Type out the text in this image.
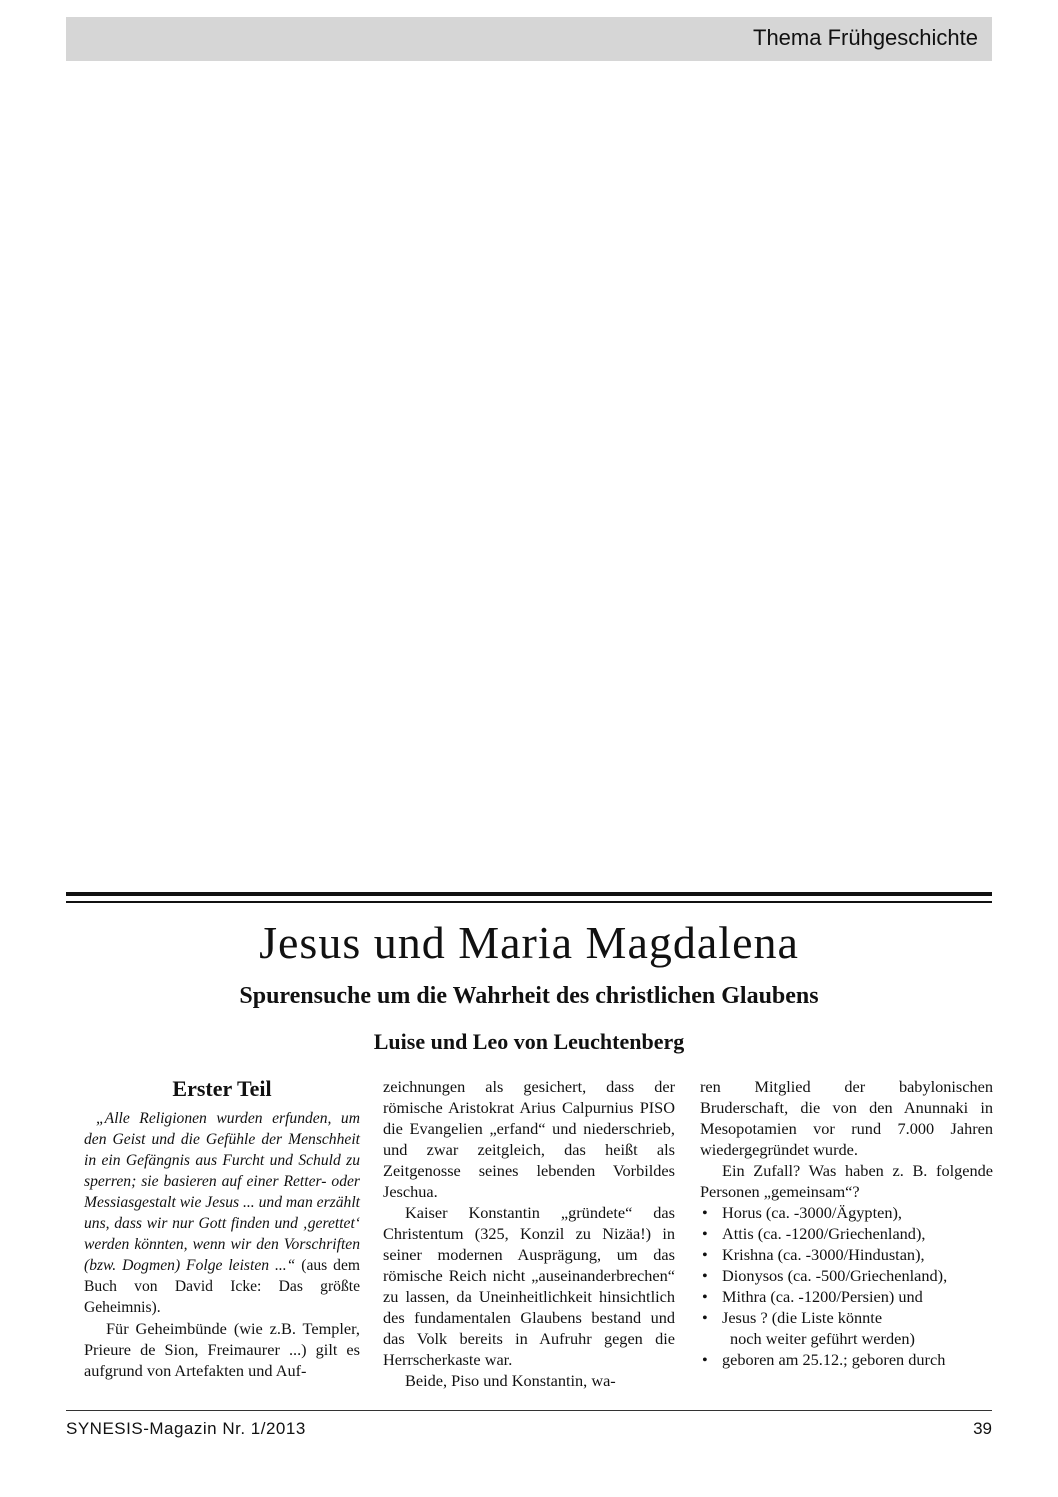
Thema Frühgeschichte
Jesus und Maria Magdalena
Spurensuche um die Wahrheit des christlichen Glaubens
Luise und Leo von Leuchtenberg
Erster Teil

„Alle Religionen wurden erfunden, um den Geist und die Gefühle der Menschheit in ein Gefängnis aus Furcht und Schuld zu sperren; sie basieren auf einer Retter- oder Messiasgestalt wie Jesus ... und man erzählt uns, dass wir nur Gott finden und ‚gerettet‘ werden könnten, wenn wir den Vorschriften (bzw. Dogmen) Folge leisten ...“ (aus dem Buch von David Icke: Das größte Geheimnis).

Für Geheimbünde (wie z.B. Templer, Prieure de Sion, Freimaurer ...) gilt es aufgrund von Artefakten und Auf-

zeichnungen als gesichert, dass der römische Aristokrat Arius Calpurnius PISO die Evangelien „erfand“ und niederschrieb, und zwar zeitgleich, das heißt als Zeitgenosse seines lebenden Vorbildes Jeschua.

Kaiser Konstantin „gründete“ das Christentum (325, Konzil zu Nizäa!) in seiner modernen Ausprägung, um das römische Reich nicht „auseinanderbrechen“ zu lassen, da Uneinheitlichkeit hinsichtlich des fundamentalen Glaubens bestand und das Volk bereits in Aufruhr gegen die Herrscherkaste war.

Beide, Piso und Konstantin, wa-

ren Mitglied der babylonischen Bruderschaft, die von den Anunnaki in Mesopotamien vor rund 7.000 Jahren wiedergegründet wurde.

Ein Zufall? Was haben z. B. folgende Personen „gemeinsam“?

• Horus (ca. -3000/Ägypten),
• Attis (ca. -1200/Griechenland),
• Krishna (ca. -3000/Hindustan),
• Dionysos (ca. -500/Griechenland),
• Mithra (ca. -1200/Persien) und
• Jesus ? (die Liste könnte
noch weiter geführt werden)
• geboren am 25.12.; geboren durch
SYNESIS-Magazin Nr. 1/2013	39
